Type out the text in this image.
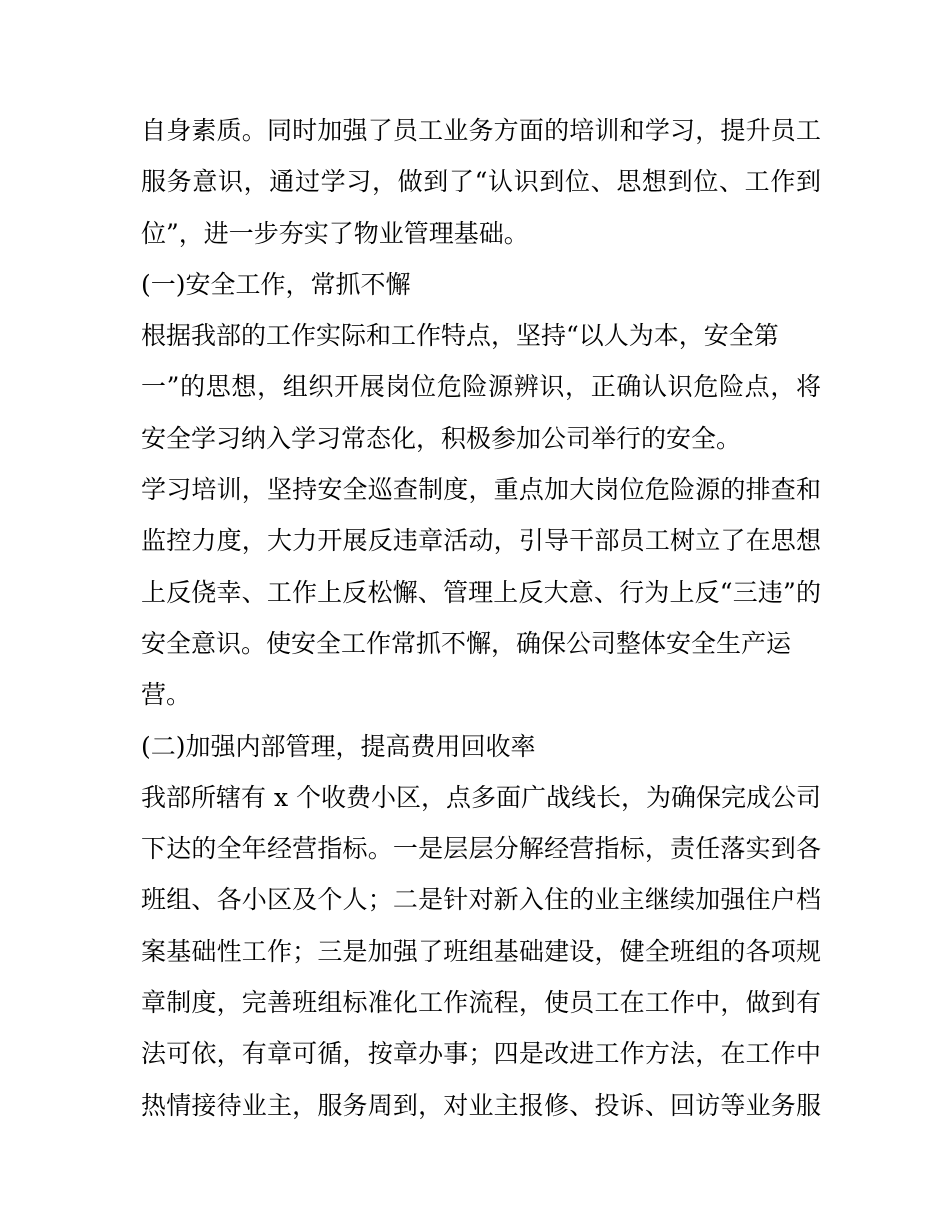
自身素质。同时加强了员工业务方面的培训和学习，提升员工
服务意识，通过学习，做到了“认识到位、思想到位、工作到
位”，进一步夯实了物业管理基础。
(一)安全工作，常抓不懈
根据我部的工作实际和工作特点，坚持“以人为本，安全第
一”的思想，组织开展岗位危险源辨识，正确认识危险点，将
安全学习纳入学习常态化，积极参加公司举行的安全。
学习培训，坚持安全巡查制度，重点加大岗位危险源的排查和
监控力度，大力开展反违章活动，引导干部员工树立了在思想
上反侥幸、工作上反松懈、管理上反大意、行为上反“三违”的
安全意识。使安全工作常抓不懈，确保公司整体安全生产运
营。
(二)加强内部管理，提高费用回收率
我部所辖有 x 个收费小区，点多面广战线长，为确保完成公司
下达的全年经营指标。一是层层分解经营指标，责任落实到各
班组、各小区及个人；二是针对新入住的业主继续加强住户档
案基础性工作；三是加强了班组基础建设，健全班组的各项规
章制度，完善班组标准化工作流程，使员工在工作中，做到有
法可依，有章可循，按章办事；四是改进工作方法，在工作中
热情接待业主，服务周到，对业主报修、投诉、回访等业务服
